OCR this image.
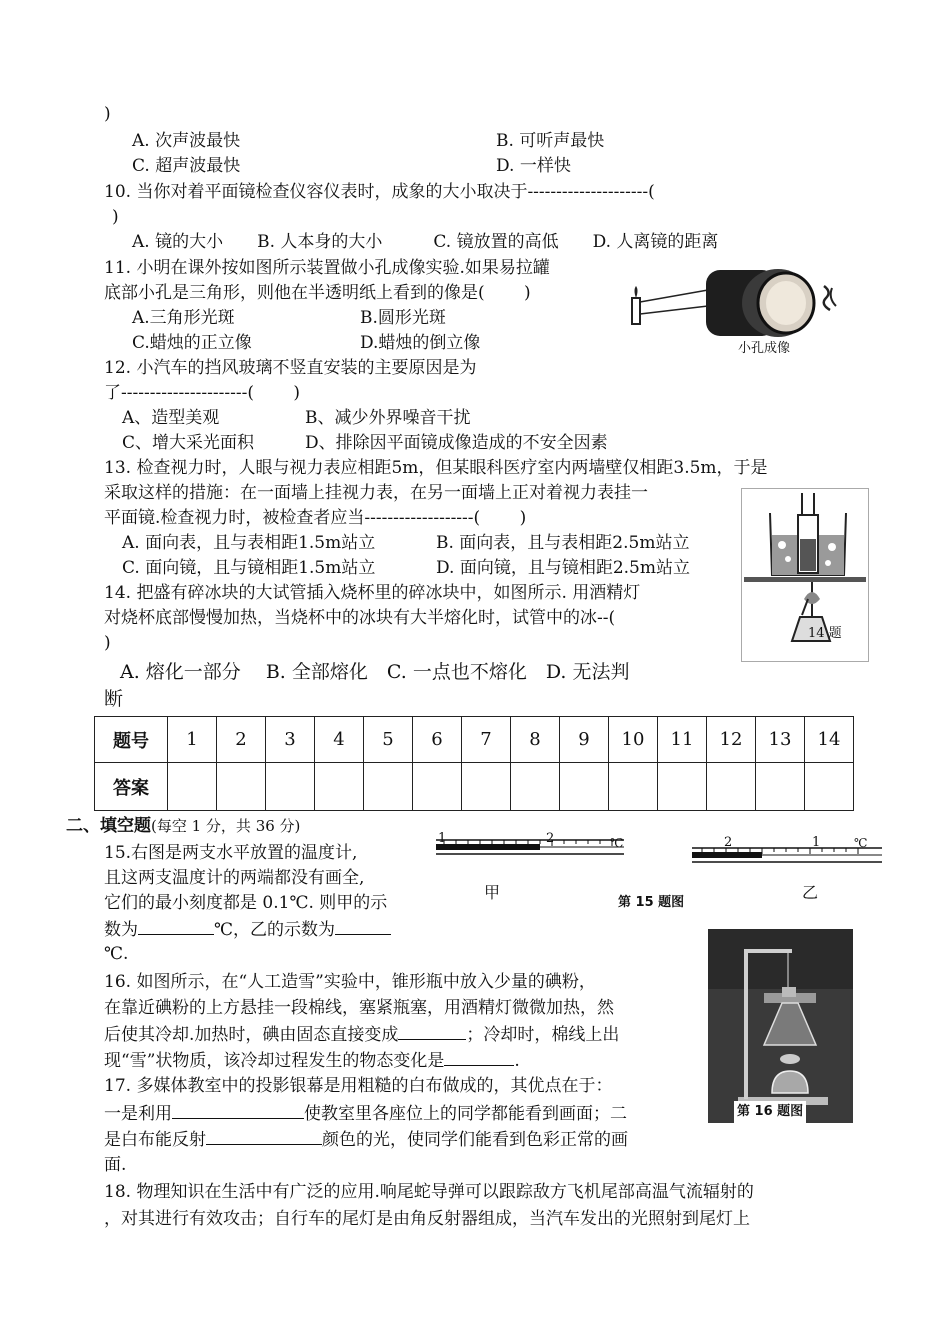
)
A. 次声波最快	B. 可听声最快
C. 超声波最快	D. 一样快
10. 当你对着平面镜检查仪容仪表时，成象的大小取决于---------------------(
)
A. 镜的大小　　B. 人本身的大小　　　C. 镜放置的高低　　D. 人离镜的距离
11. 小明在课外按如图所示装置做小孔成像实验.如果易拉罐
底部小孔是三角形，则他在半透明纸上看到的像是(　　 )
A.三角形光斑	B.圆形光斑
C.蜡烛的正立像	D.蜡烛的倒立像	小孔成像
12. 小汽车的挡风玻璃不竖直安装的主要原因是为
了----------------------(　　 )
A、造型美观	B、减少外界噪音干扰
C、增大采光面积	D、排除因平面镜成像造成的不安全因素
13. 检查视力时，人眼与视力表应相距5m，但某眼科医疗室内两墙壁仅相距3.5m，于是
采取这样的措施：在一面墙上挂视力表，在另一面墙上正对着视力表挂一
平面镜.检查视力时，被检查者应当-------------------(　　 )
A. 面向表，且与表相距1.5m站立	B. 面向表，且与表相距2.5m站立
C. 面向镜，且与镜相距1.5m站立	D. 面向镜，且与镜相距2.5m站立
14 题
14. 把盛有碎冰块的大试管插入烧杯里的碎冰块中，如图所示. 用酒精灯
对烧杯底部慢慢加热，当烧杯中的冰块有大半熔化时，试管中的冰--(
)
A. 熔化一部分　 B. 全部熔化　C. 一点也不熔化　D. 无法判
断
题号	1	2	3	4	5	6	7	8	9	10	11	12	13	14
答案														
二、填空题(每空 1 分，共 36 分)
1	2	℃	2	1	℃
甲
第 15 题图
乙
15.右图是两支水平放置的温度计,
且这两支温度计的两端都没有画全,
它们的最小刻度都是 0.1℃. 则甲的示
数为	℃，乙的示数为
℃.
第 16 题图
16. 如图所示，在“人工造雪”实验中，锥形瓶中放入少量的碘粉，
在靠近碘粉的上方悬挂一段棉线，塞紧瓶塞，用酒精灯微微加热，然
后使其冷却.加热时，碘由固态直接变成	；冷却时，棉线上出
现“雪”状物质，该冷却过程发生的物态变化是	.
17. 多媒体教室中的投影银幕是用粗糙的白布做成的，其优点在于：
一是利用	使教室里各座位上的同学都能看到画面；二
是白布能反射	颜色的光，使同学们能看到色彩正常的画
面.
18. 物理知识在生活中有广泛的应用.响尾蛇导弹可以跟踪敌方飞机尾部高温气流辐射的
，对其进行有效攻击；自行车的尾灯是由角反射器组成，当汽车发出的光照射到尾灯上
